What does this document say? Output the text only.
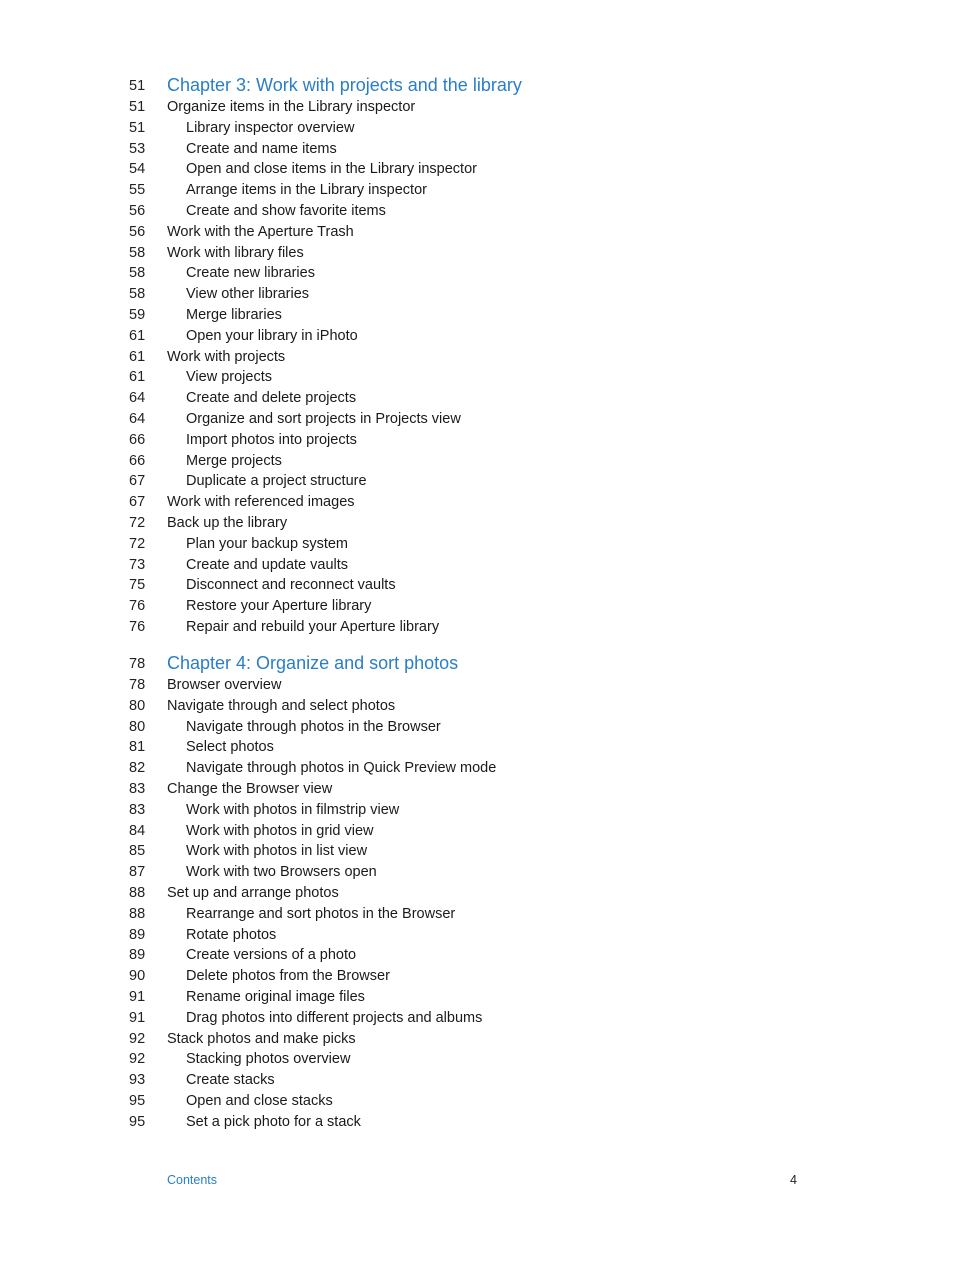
51	Chapter 3: Work with projects and the library
51	Organize items in the Library inspector
51	Library inspector overview
53	Create and name items
54	Open and close items in the Library inspector
55	Arrange items in the Library inspector
56	Create and show favorite items
56	Work with the Aperture Trash
58	Work with library files
58	Create new libraries
58	View other libraries
59	Merge libraries
61	Open your library in iPhoto
61	Work with projects
61	View projects
64	Create and delete projects
64	Organize and sort projects in Projects view
66	Import photos into projects
66	Merge projects
67	Duplicate a project structure
67	Work with referenced images
72	Back up the library
72	Plan your backup system
73	Create and update vaults
75	Disconnect and reconnect vaults
76	Restore your Aperture library
76	Repair and rebuild your Aperture library
78	Chapter 4: Organize and sort photos
78	Browser overview
80	Navigate through and select photos
80	Navigate through photos in the Browser
81	Select photos
82	Navigate through photos in Quick Preview mode
83	Change the Browser view
83	Work with photos in filmstrip view
84	Work with photos in grid view
85	Work with photos in list view
87	Work with two Browsers open
88	Set up and arrange photos
88	Rearrange and sort photos in the Browser
89	Rotate photos
89	Create versions of a photo
90	Delete photos from the Browser
91	Rename original image files
91	Drag photos into different projects and albums
92	Stack photos and make picks
92	Stacking photos overview
93	Create stacks
95	Open and close stacks
95	Set a pick photo for a stack
Contents	4
